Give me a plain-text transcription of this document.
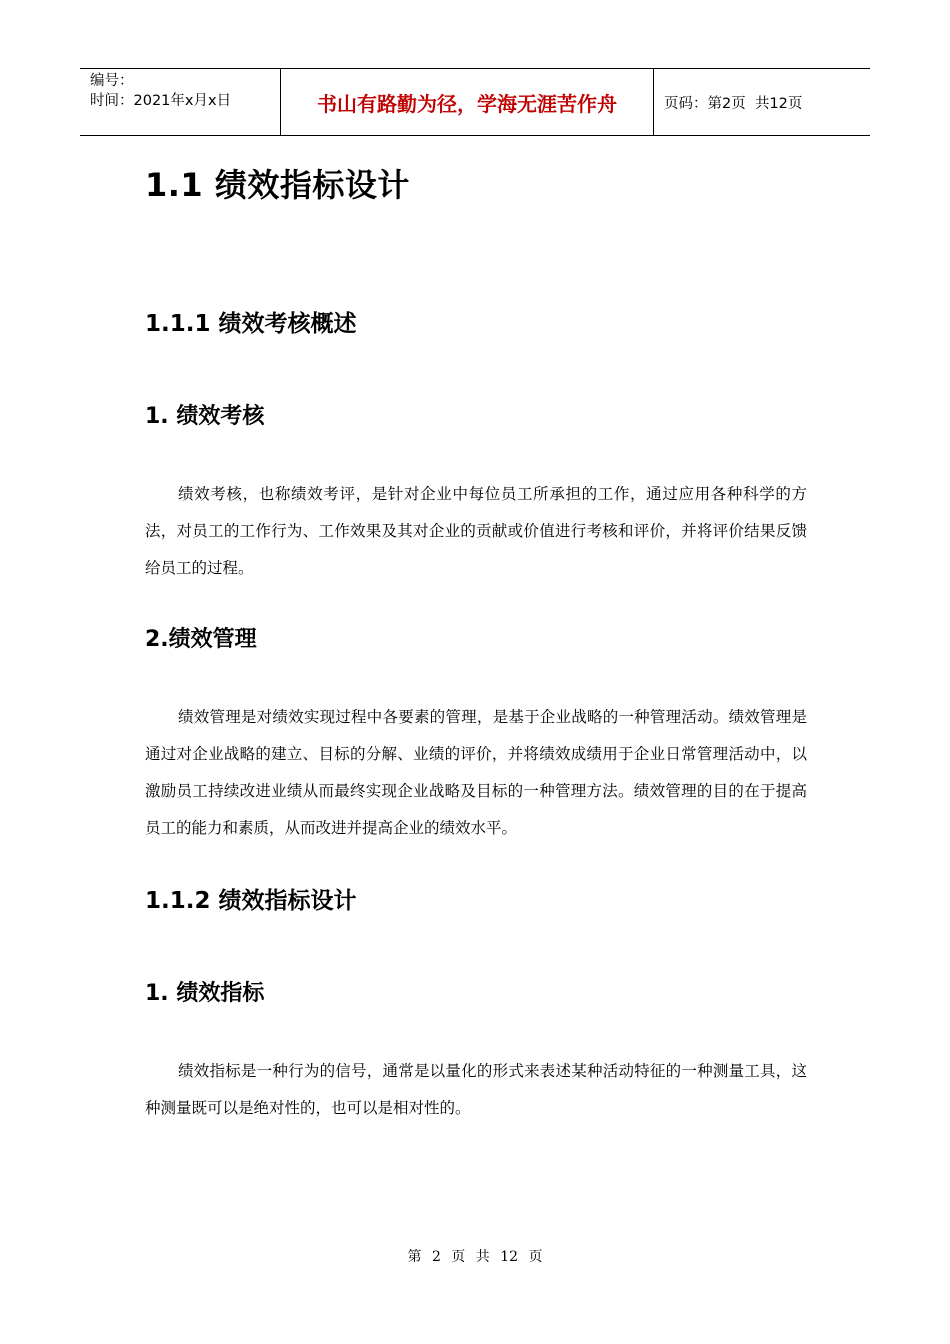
编号：
时间：2021年x月x日	书山有路勤为径，学海无涯苦作舟	页码：第2页  共12页
1.1 绩效指标设计
1.1.1 绩效考核概述
1. 绩效考核
绩效考核，也称绩效考评，是针对企业中每位员工所承担的工作，通过应用各种科学的方法，对员工的工作行为、工作效果及其对企业的贡献或价值进行考核和评价，并将评价结果反馈给员工的过程。
2.绩效管理
绩效管理是对绩效实现过程中各要素的管理，是基于企业战略的一种管理活动。绩效管理是通过对企业战略的建立、目标的分解、业绩的评价，并将绩效成绩用于企业日常管理活动中，以激励员工持续改进业绩从而最终实现企业战略及目标的一种管理方法。绩效管理的目的在于提高员工的能力和素质，从而改进并提高企业的绩效水平。
1.1.2 绩效指标设计
1. 绩效指标
绩效指标是一种行为的信号，通常是以量化的形式来表述某种活动特征的一种测量工具，这种测量既可以是绝对性的，也可以是相对性的。
第 2 页 共 12 页
